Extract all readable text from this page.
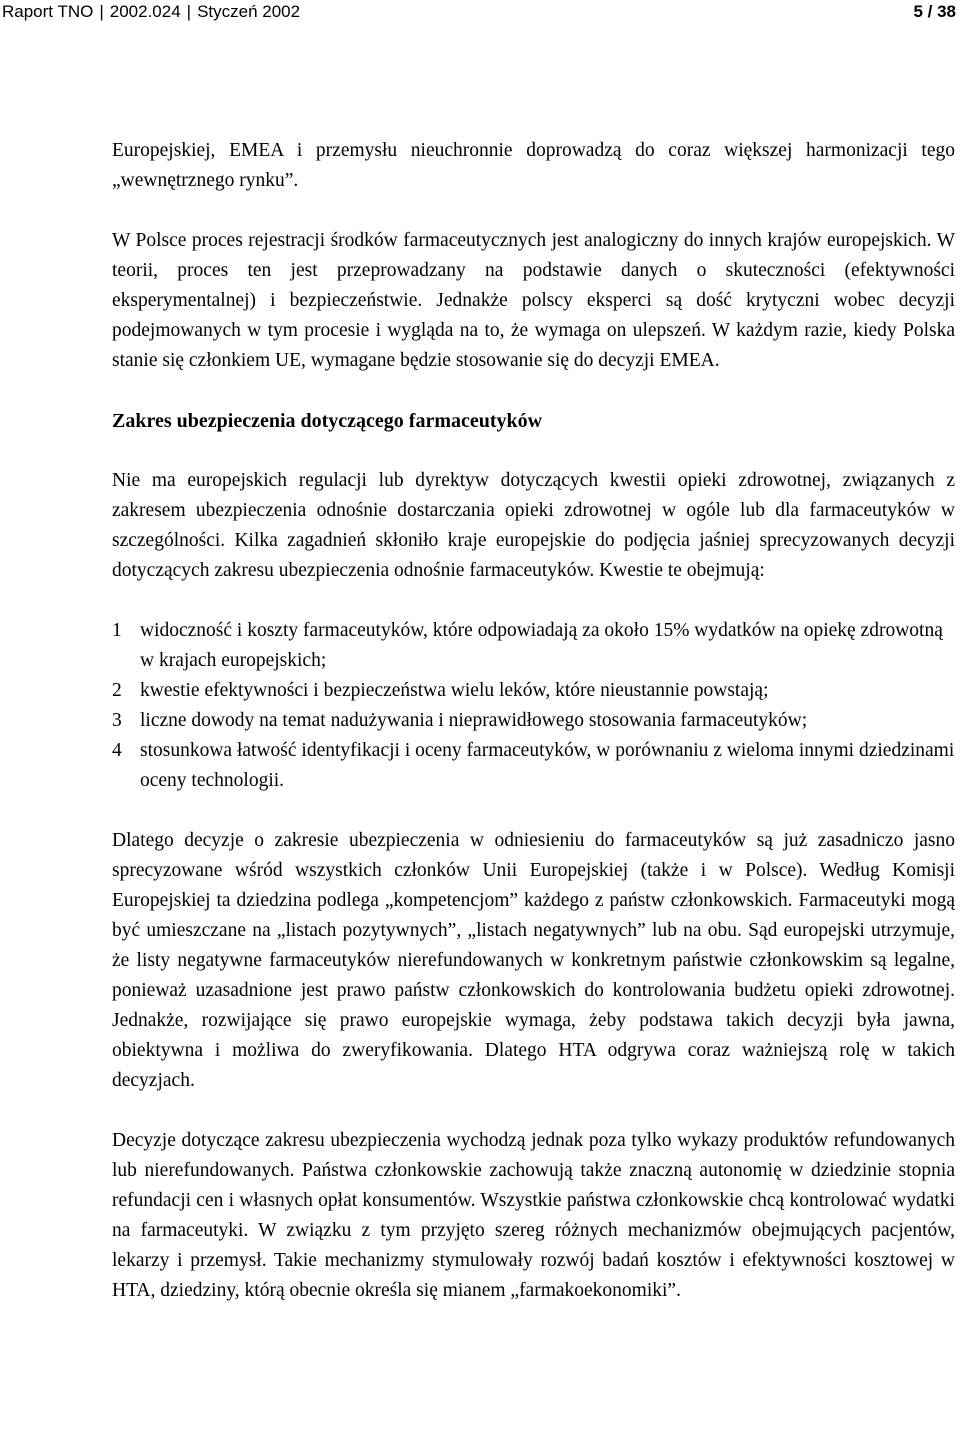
Raport TNO | 2002.024 | Styczeń 2002	5 / 38

Europejskiej, EMEA i przemysłu nieuchronnie doprowadzą do coraz większej harmonizacji tego „wewnętrznego rynku”.

W Polsce proces rejestracji środków farmaceutycznych jest analogiczny do innych krajów europejskich. W teorii, proces ten jest przeprowadzany na podstawie danych o skuteczności (efektywności eksperymentalnej) i bezpieczeństwie. Jednakże polscy eksperci są dość krytyczni wobec decyzji podejmowanych w tym procesie i wygląda na to, że wymaga on ulepszeń. W każdym razie, kiedy Polska stanie się członkiem UE, wymagane będzie stosowanie się do decyzji EMEA.

Zakres ubezpieczenia dotyczącego farmaceutyków

Nie ma europejskich regulacji lub dyrektyw dotyczących kwestii opieki zdrowotnej, związanych z zakresem ubezpieczenia odnośnie dostarczania opieki zdrowotnej w ogóle lub dla farmaceutyków w szczególności. Kilka zagadnień skłoniło kraje europejskie do podjęcia jaśniej sprecyzowanych decyzji dotyczących zakresu ubezpieczenia odnośnie farmaceutyków. Kwestie te obejmują:

1 widoczność i koszty farmaceutyków, które odpowiadają za około 15% wydatków na opiekę zdrowotną w krajach europejskich;
2 kwestie efektywności i bezpieczeństwa wielu leków, które nieustannie powstają;
3 liczne dowody na temat nadużywania i nieprawidłowego stosowania farmaceutyków;
4 stosunkowa łatwość identyfikacji i oceny farmaceutyków, w porównaniu z wieloma innymi dziedzinami oceny technologii.

Dlatego decyzje o zakresie ubezpieczenia w odniesieniu do farmaceutyków są już zasadniczo jasno sprecyzowane wśród wszystkich członków Unii Europejskiej (także i w Polsce). Według Komisji Europejskiej ta dziedzina podlega „kompetencjom” każdego z państw członkowskich. Farmaceutyki mogą być umieszczane na „listach pozytywnych”, „listach negatywnych” lub na obu. Sąd europejski utrzymuje, że listy negatywne farmaceutyków nierefundowanych w konkretnym państwie członkowskim są legalne, ponieważ uzasadnione jest prawo państw członkowskich do kontrolowania budżetu opieki zdrowotnej. Jednakże, rozwijające się prawo europejskie wymaga, żeby podstawa takich decyzji była jawna, obiektywna i możliwa do zweryfikowania. Dlatego HTA odgrywa coraz ważniejszą rolę w takich decyzjach.

Decyzje dotyczące zakresu ubezpieczenia wychodzą jednak poza tylko wykazy produktów refundowanych lub nierefundowanych. Państwa członkowskie zachowują także znaczną autonomię w dziedzinie stopnia refundacji cen i własnych opłat konsumentów. Wszystkie państwa członkowskie chcą kontrolować wydatki na farmaceutyki. W związku z tym przyjęto szereg różnych mechanizmów obejmujących pacjentów, lekarzy i przemysł. Takie mechanizmy stymulowały rozwój badań kosztów i efektywności kosztowej w HTA, dziedziny, którą obecnie określa się mianem „farmakoekonomiki”.
